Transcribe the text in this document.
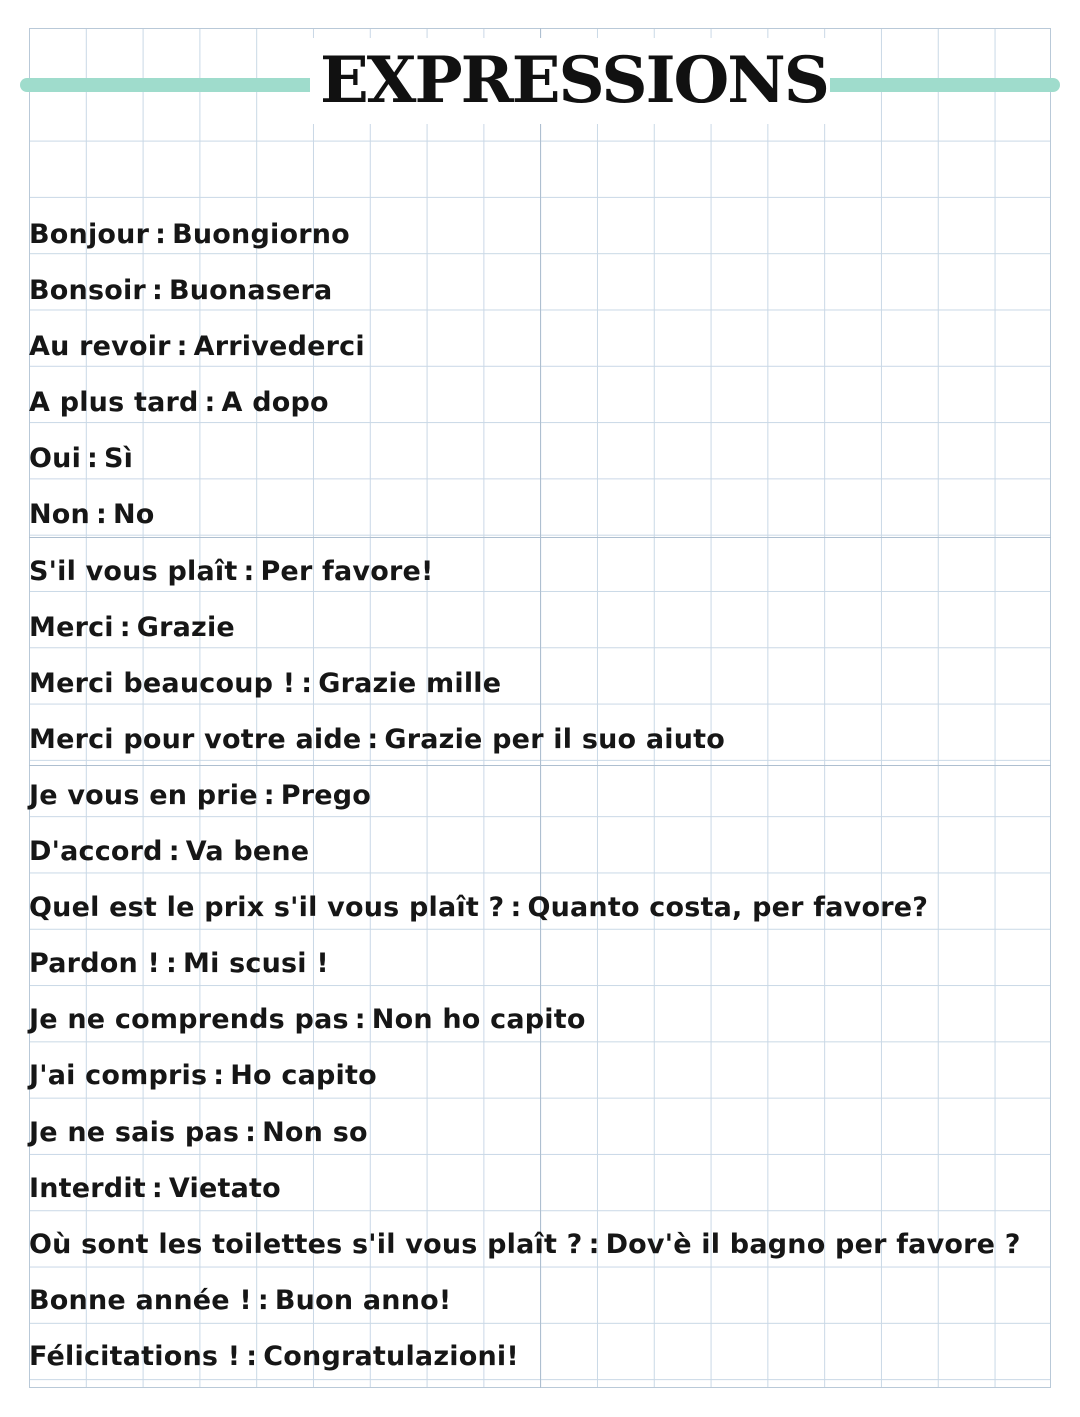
EXPRESSIONS
Bonjour : Buongiorno
Bonsoir : Buonasera
Au revoir : Arrivederci
A plus tard : A dopo
Oui : Sì
Non : No
S'il vous plaît : Per favore!
Merci : Grazie
Merci beaucoup ! : Grazie mille
Merci pour votre aide : Grazie per il suo aiuto
Je vous en prie : Prego
D'accord : Va bene
Quel est le prix s'il vous plaît ? : Quanto costa, per favore?
Pardon ! : Mi scusi !
Je ne comprends pas : Non ho capito
J'ai compris : Ho capito
Je ne sais pas : Non so
Interdit : Vietato
Où sont les toilettes s'il vous plaît ? : Dov'è il bagno per favore ?
Bonne année ! : Buon anno!
Félicitations ! : Congratulazioni!
